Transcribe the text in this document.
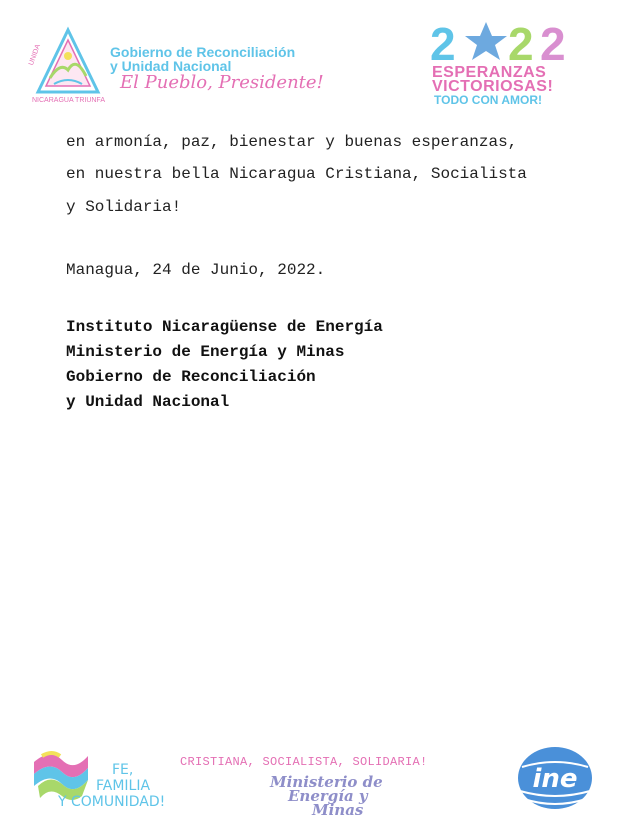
UNIDA
NICARAGUA TRIUNFA
Gobierno de Reconciliación
y Unidad Nacional
El Pueblo, Presidente!
2 2 2
ESPERANZAS
VICTORIOSAS!
TODO CON AMOR!
en armonía, paz, bienestar y buenas esperanzas,
en nuestra bella Nicaragua Cristiana, Socialista
y Solidaria!
Managua, 24 de Junio, 2022.
Instituto Nicaragüense de Energía
Ministerio de Energía y Minas
Gobierno de Reconciliación
y Unidad Nacional
FE,
FAMILIA
Y COMUNIDAD!
CRISTIANA, SOCIALISTA, SOLIDARIA!
Ministerio de
Energía y
Minas
ine
